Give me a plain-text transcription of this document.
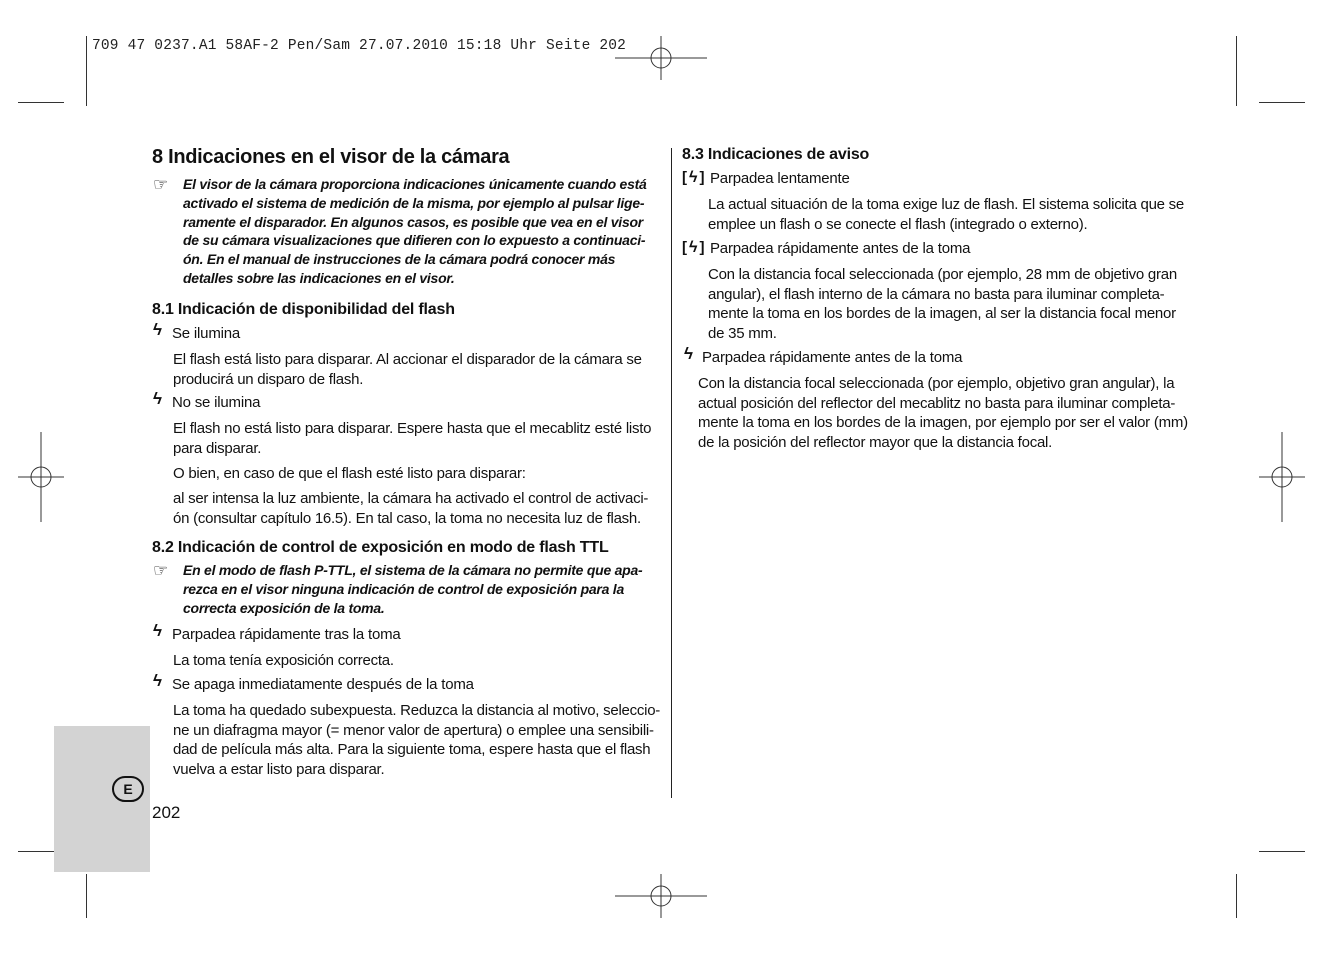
709 47 0237.A1 58AF-2 Pen/Sam 27.07.2010 15:18 Uhr Seite 202
E
202
8 Indicaciones en el visor de la cámara
☞ El visor de la cámara proporciona indicaciones únicamente cuando está
activado el sistema de medición de la misma, por ejemplo al pulsar lige-
ramente el disparador. En algunos casos, es posible que vea en el visor
de su cámara visualizaciones que difieren con lo expuesto a continuaci-
ón. En el manual de instrucciones de la cámara podrá conocer más
detalles sobre las indicaciones en el visor.
8.1 Indicación de disponibilidad del flash
ϟ Se ilumina
El flash está listo para disparar. Al accionar el disparador de la cámara se
producirá un disparo de flash.
ϟ No se ilumina
El flash no está listo para disparar. Espere hasta que el mecablitz esté listo
para disparar.
O bien, en caso de que el flash esté listo para disparar:
al ser intensa la luz ambiente, la cámara ha activado el control de activaci-
ón (consultar capítulo 16.5). En tal caso, la toma no necesita luz de flash.
8.2 Indicación de control de exposición en modo de flash TTL
☞ En el modo de flash P-TTL, el sistema de la cámara no permite que apa-
rezca en el visor ninguna indicación de control de exposición para la
correcta exposición de la toma.
ϟ Parpadea rápidamente tras la toma
La toma tenía exposición correcta.
ϟ Se apaga inmediatamente después de la toma
La toma ha quedado subexpuesta. Reduzca la distancia al motivo, seleccio-
ne un diafragma mayor (= menor valor de apertura) o emplee una sensibili-
dad de película más alta. Para la siguiente toma, espere hasta que el flash
vuelva a estar listo para disparar.
8.3 Indicaciones de aviso
[ ϟ ] Parpadea lentamente
La actual situación de la toma exige luz de flash. El sistema solicita que se
emplee un flash o se conecte el flash (integrado o externo).
[ ϟ ] Parpadea rápidamente antes de la toma
Con la distancia focal seleccionada (por ejemplo, 28 mm de objetivo gran
angular), el flash interno de la cámara no basta para iluminar completa-
mente la toma en los bordes de la imagen, al ser la distancia focal menor
de 35 mm.
ϟ Parpadea rápidamente antes de la toma
Con la distancia focal seleccionada (por ejemplo, objetivo gran angular), la
actual posición del reflector del mecablitz no basta para iluminar completa-
mente la toma en los bordes de la imagen, por ejemplo por ser el valor (mm)
de la posición del reflector mayor que la distancia focal.
